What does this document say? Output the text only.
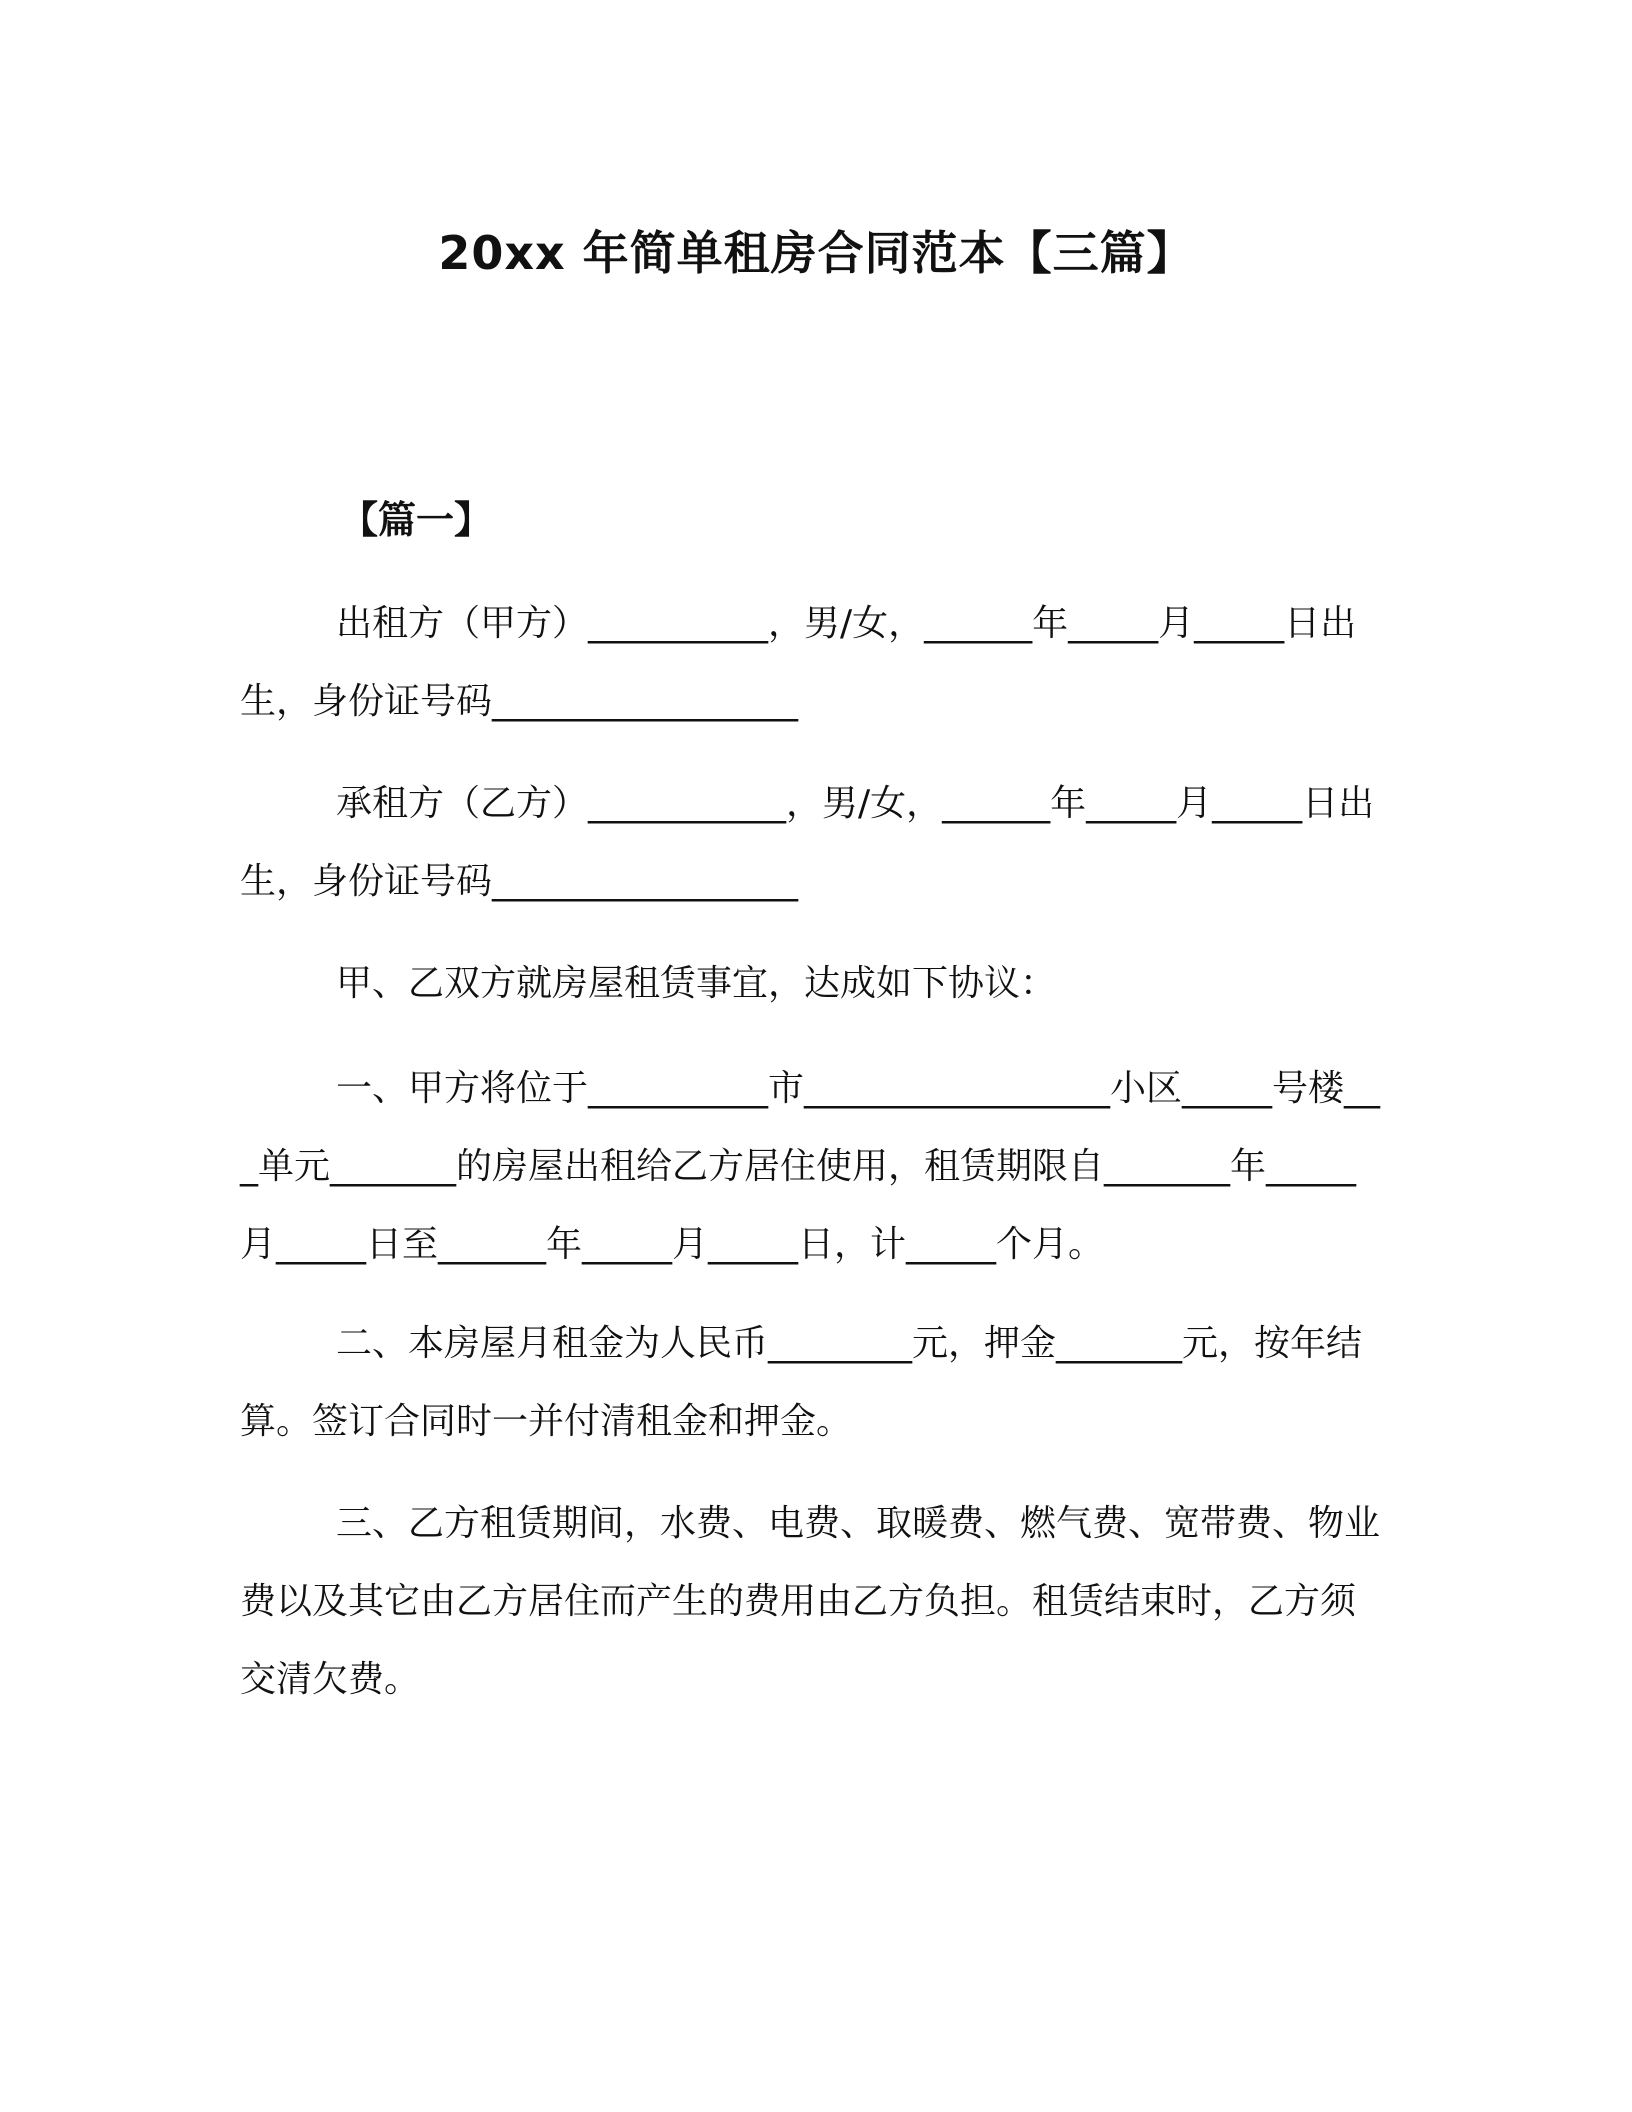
20xx 年简单租房合同范本【三篇】

【篇一】

出租方（甲方）__________，男/女，______年_____月_____日出生，身份证号码_________________

承租方（乙方）___________，男/女，______年_____月_____日出生，身份证号码_________________

甲、乙双方就房屋租赁事宜，达成如下协议：

一、甲方将位于__________市_________________小区_____号楼___单元_______的房屋出租给乙方居住使用，租赁期限自_______年_____月_____日至______年_____月_____日，计_____个月。

二、本房屋月租金为人民币________元，押金_______元，按年结算。签订合同时一并付清租金和押金。

三、乙方租赁期间，水费、电费、取暖费、燃气费、宽带费、物业费以及其它由乙方居住而产生的费用由乙方负担。租赁结束时，乙方须交清欠费。
